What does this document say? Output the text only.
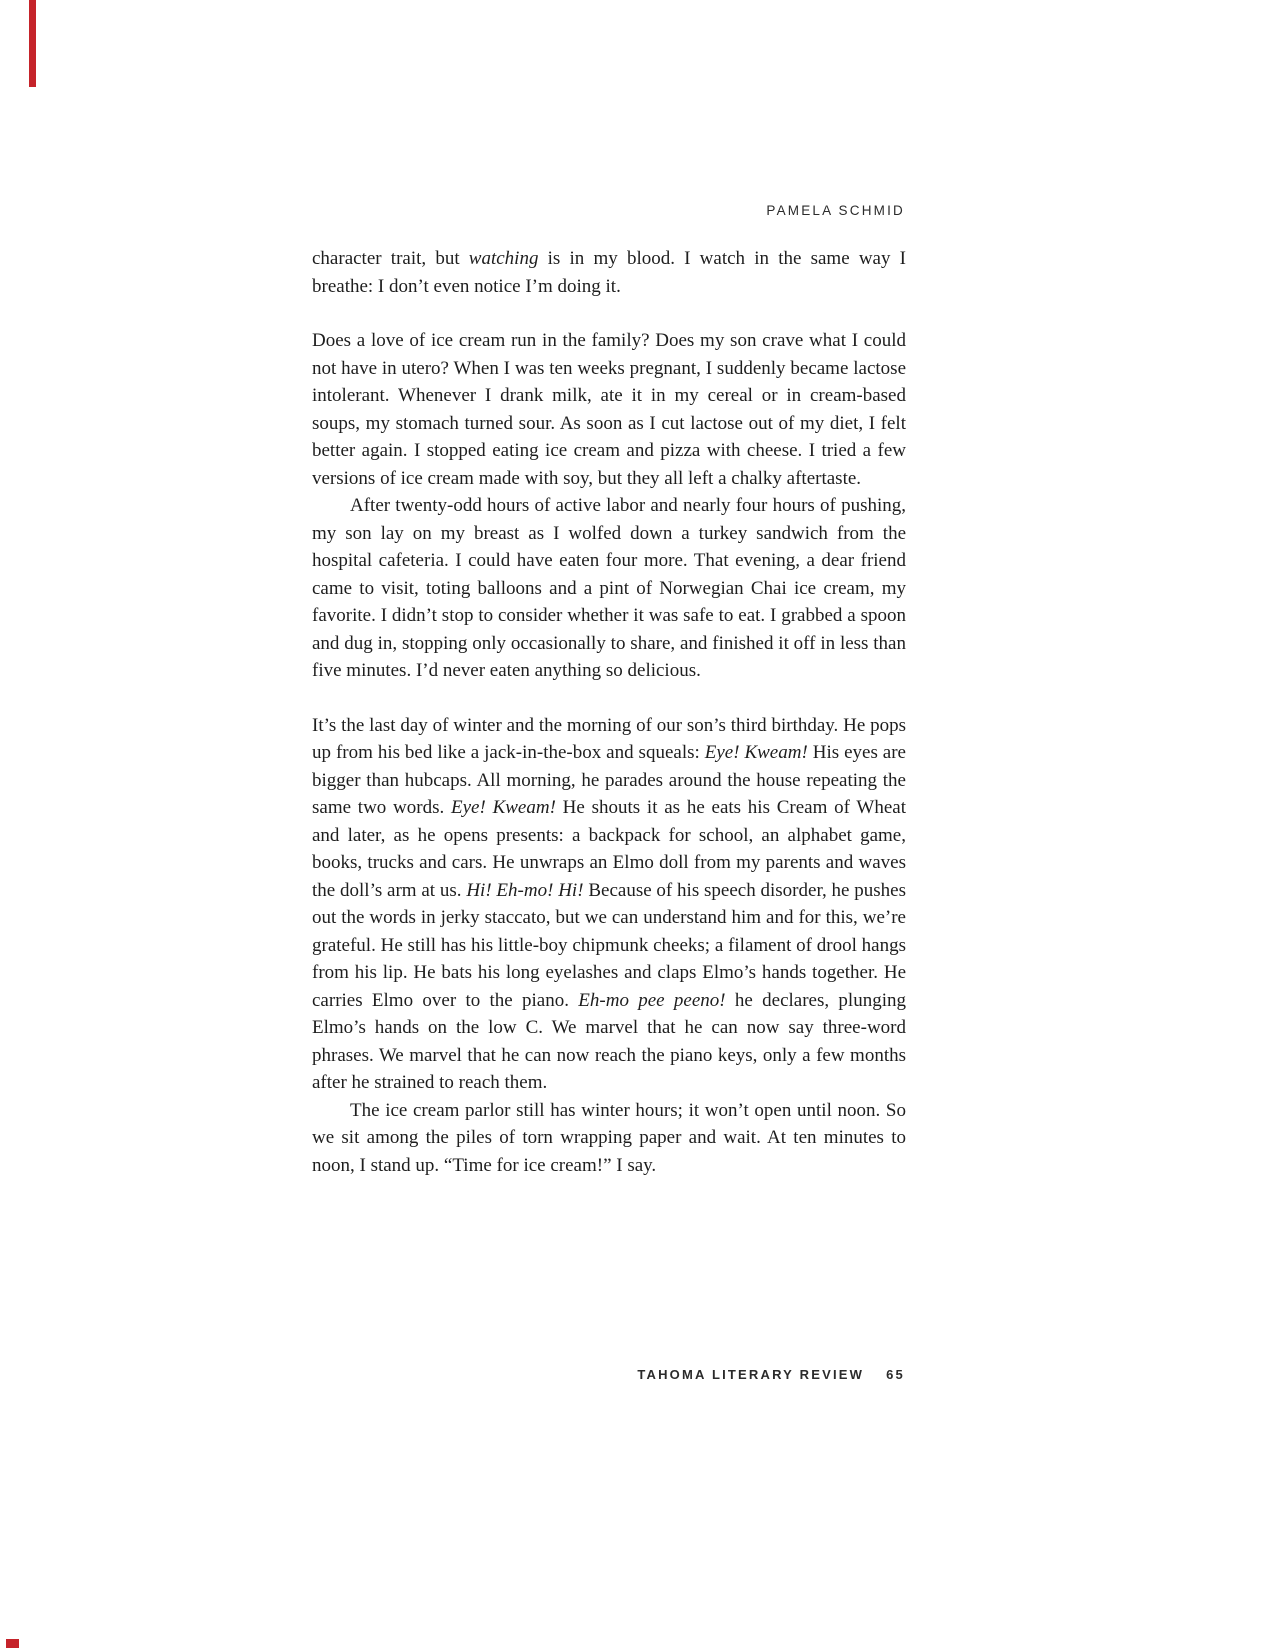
PAMELA SCHMID

character trait, but watching is in my blood. I watch in the same way I breathe: I don’t even notice I’m doing it.

Does a love of ice cream run in the family? Does my son crave what I could not have in utero? When I was ten weeks pregnant, I suddenly became lactose intolerant. Whenever I drank milk, ate it in my cereal or in cream-based soups, my stomach turned sour. As soon as I cut lactose out of my diet, I felt better again. I stopped eating ice cream and pizza with cheese. I tried a few versions of ice cream made with soy, but they all left a chalky aftertaste.

After twenty-odd hours of active labor and nearly four hours of pushing, my son lay on my breast as I wolfed down a turkey sandwich from the hospital cafeteria. I could have eaten four more. That evening, a dear friend came to visit, toting balloons and a pint of Norwegian Chai ice cream, my favorite. I didn’t stop to consider whether it was safe to eat. I grabbed a spoon and dug in, stopping only occasionally to share, and finished it off in less than five minutes. I’d never eaten anything so delicious.

It’s the last day of winter and the morning of our son’s third birthday. He pops up from his bed like a jack-in-the-box and squeals: Eye! Kweam! His eyes are bigger than hubcaps. All morning, he parades around the house repeating the same two words. Eye! Kweam! He shouts it as he eats his Cream of Wheat and later, as he opens presents: a backpack for school, an alphabet game, books, trucks and cars. He unwraps an Elmo doll from my parents and waves the doll’s arm at us. Hi! Eh-mo! Hi! Because of his speech disorder, he pushes out the words in jerky staccato, but we can understand him and for this, we’re grateful. He still has his little-boy chipmunk cheeks; a filament of drool hangs from his lip. He bats his long eyelashes and claps Elmo’s hands together. He carries Elmo over to the piano. Eh-mo pee peeno! he declares, plunging Elmo’s hands on the low C. We marvel that he can now say three-word phrases. We marvel that he can now reach the piano keys, only a few months after he strained to reach them.

The ice cream parlor still has winter hours; it won’t open until noon. So we sit among the piles of torn wrapping paper and wait. At ten minutes to noon, I stand up. “Time for ice cream!” I say.

TAHOMA LITERARY REVIEW 65
